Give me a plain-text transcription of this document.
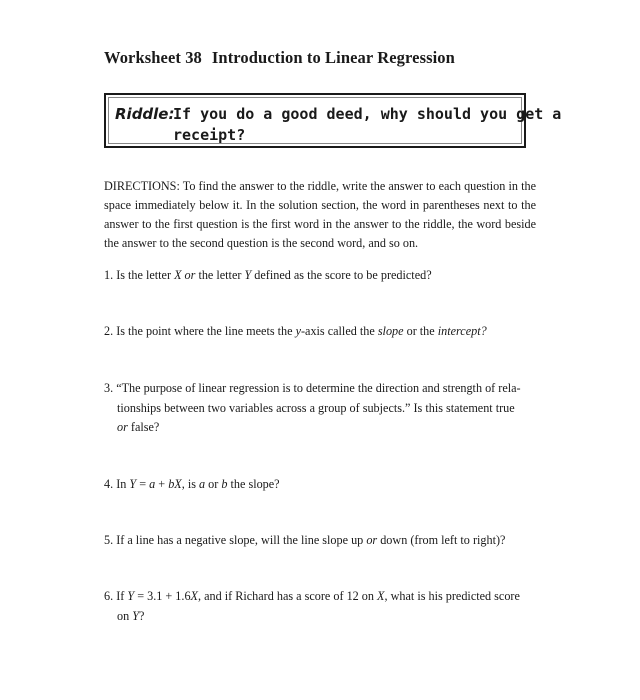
Worksheet 38 Introduction to Linear Regression
Riddle:
If you do a good deed, why should you get a
receipt?
DIRECTIONS: To find the answer to the riddle, write the answer to each question in the space immediately below it. In the solution section, the word in parentheses next to the answer to the first question is the first word in the answer to the riddle, the word beside the answer to the second question is the second word, and so on.
1. Is the letter X or the letter Y defined as the score to be predicted?
2. Is the point where the line meets the y-axis called the slope or the intercept?
3. “The purpose of linear regression is to determine the direction and strength of rela-
tionships between two variables across a group of subjects.” Is this statement true
or false?
4. In Y = a + bX, is a or b the slope?
5. If a line has a negative slope, will the line slope up or down (from left to right)?
6. If Y = 3.1 + 1.6X, and if Richard has a score of 12 on X, what is his predicted score
on Y?
